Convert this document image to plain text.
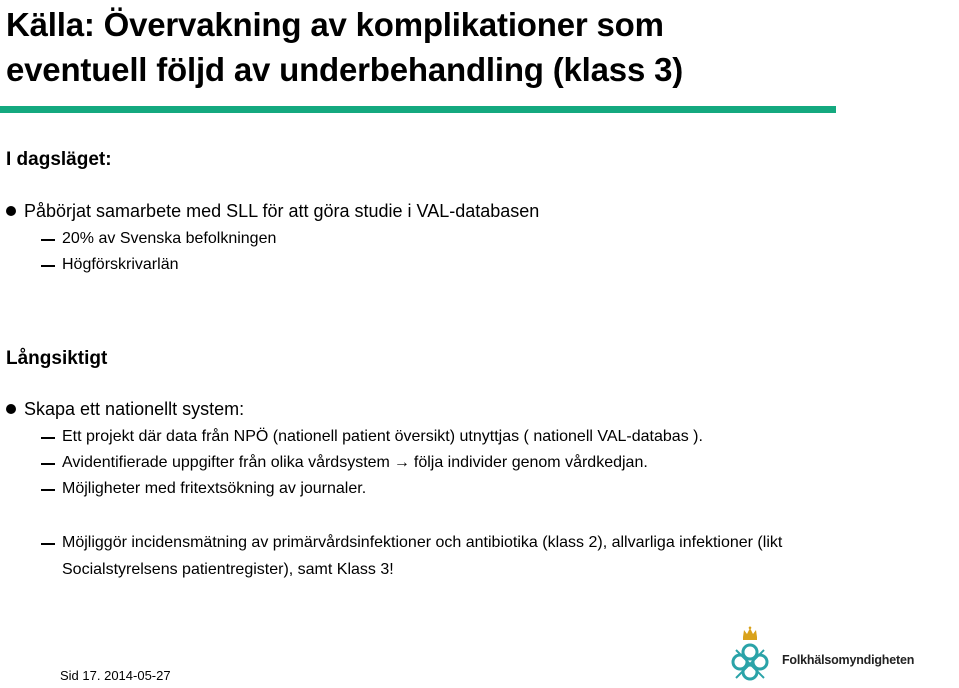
Källa: Övervakning av komplikationer som
eventuell följd av underbehandling (klass 3)
I dagsläget:
Påbörjat samarbete med SLL för att göra studie i VAL-databasen
20% av Svenska befolkningen
Högförskrivarlän
Långsiktigt
Skapa ett nationellt system:
Ett projekt där data från NPÖ (nationell patient översikt) utnyttjas ( nationell VAL-databas ).
Avidentifierade uppgifter från olika vårdsystem → följa individer genom vårdkedjan.
Möjligheter med fritextsökning av journaler.
Möjliggör incidensmätning av primärvårdsinfektioner och antibiotika (klass 2), allvarliga infektioner (likt
Socialstyrelsens patientregister), samt Klass 3!
Sid 17. 2014-05-27
Folkhälsomyndigheten
